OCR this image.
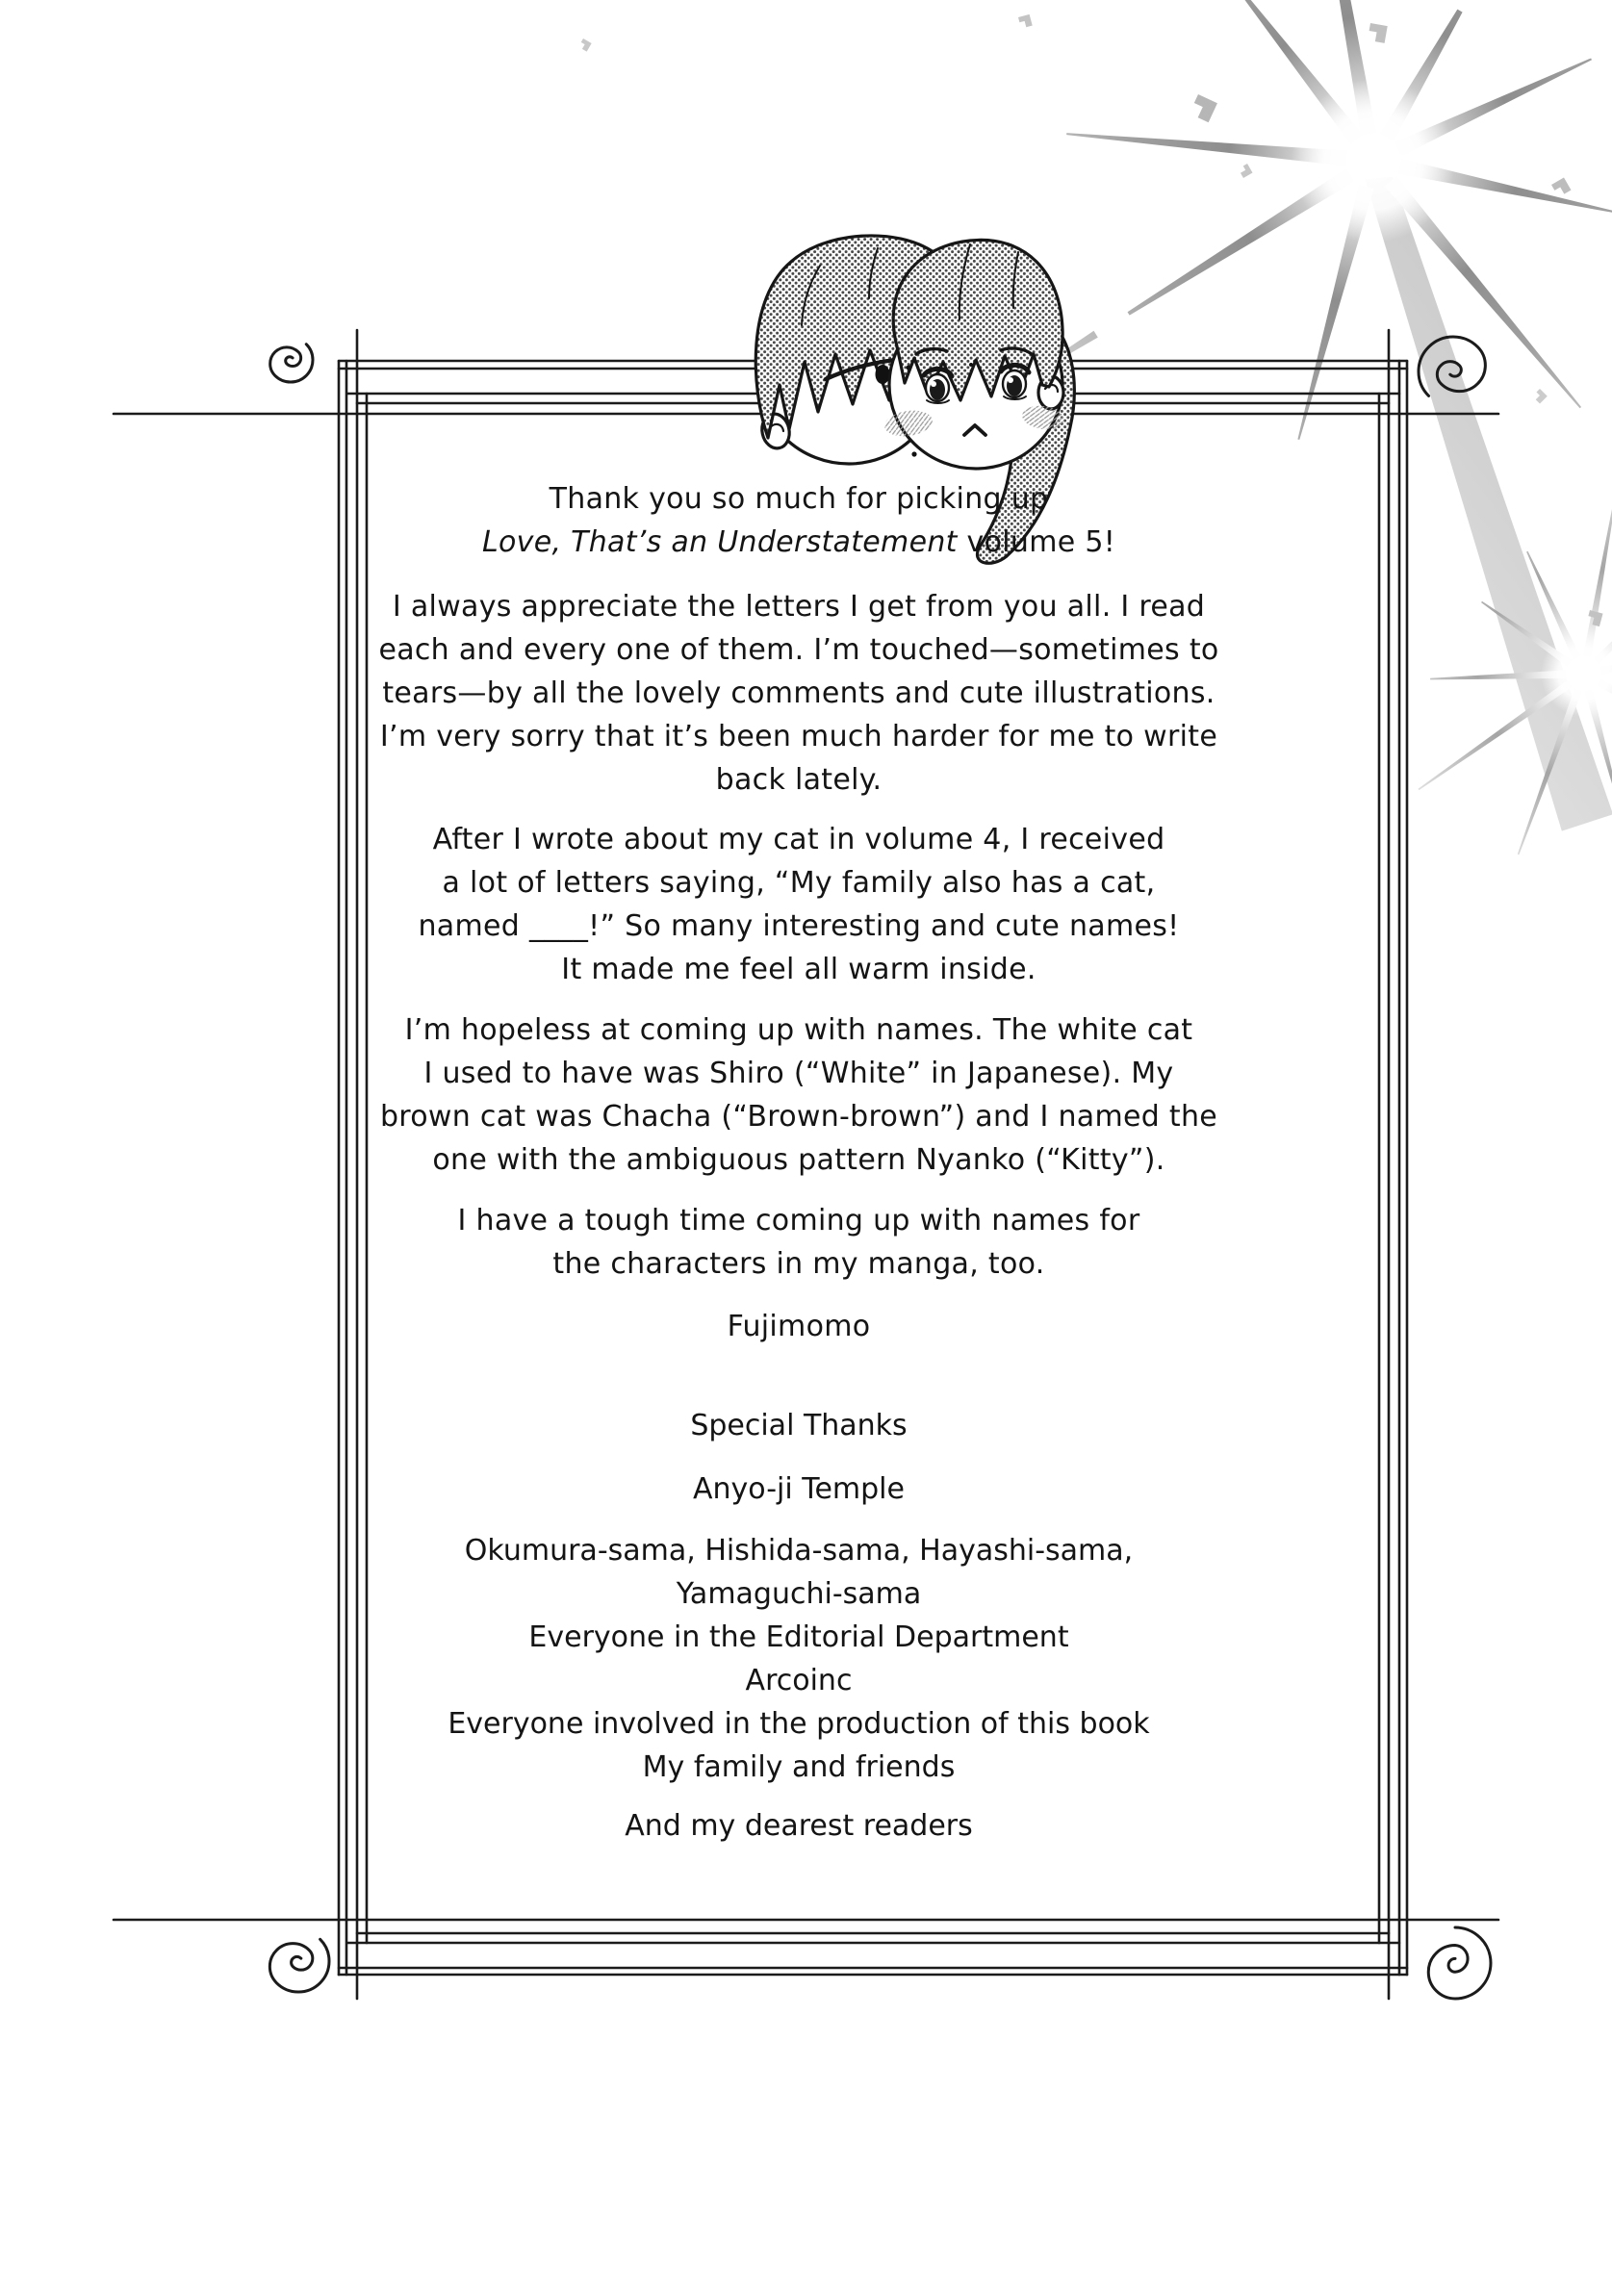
Thank you so much for picking up
Love, That’s an Understatement volume 5!
I always appreciate the letters I get from you all. I read
each and every one of them. I’m touched—sometimes to
tears—by all the lovely comments and cute illustrations.
I’m very sorry that it’s been much harder for me to write
back lately.
After I wrote about my cat in volume 4, I received
a lot of letters saying, “My family also has a cat,
named ____!” So many interesting and cute names!
It made me feel all warm inside.
I’m hopeless at coming up with names. The white cat
I used to have was Shiro (“White” in Japanese). My
brown cat was Chacha (“Brown-brown”) and I named the
one with the ambiguous pattern Nyanko (“Kitty”).
I have a tough time coming up with names for
the characters in my manga, too.
Fujimomo
Special Thanks
Anyo-ji Temple
Okumura-sama, Hishida-sama, Hayashi-sama,
Yamaguchi-sama
Everyone in the Editorial Department
Arcoinc
Everyone involved in the production of this book
My family and friends
And my dearest readers
